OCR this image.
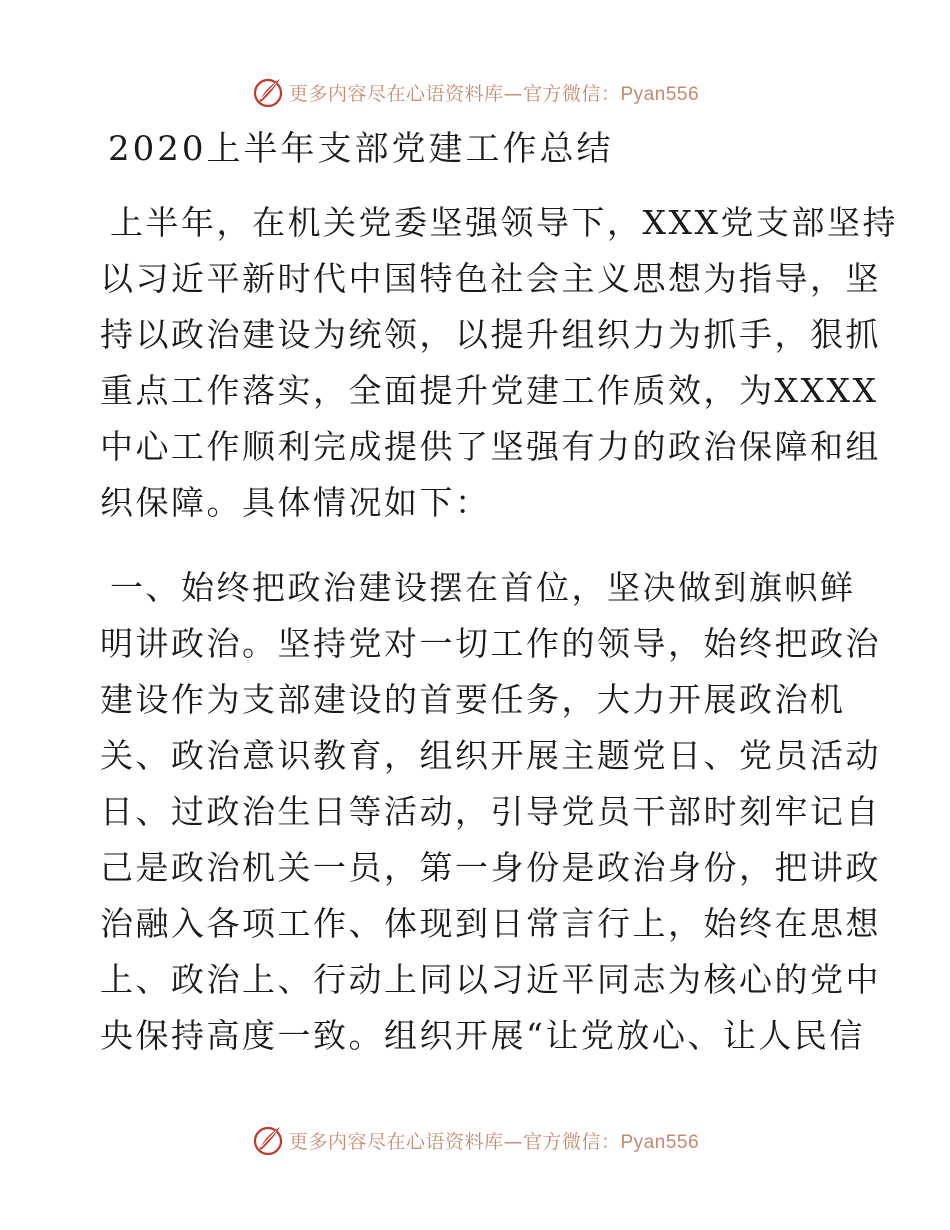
更多内容尽在心语资料库—官方微信：Pyan556
2020上半年支部党建工作总结
上半年，在机关党委坚强领导下，XXX党支部坚持
以习近平新时代中国特色社会主义思想为指导，坚
持以政治建设为统领，以提升组织力为抓手，狠抓
重点工作落实，全面提升党建工作质效，为XXXX
中心工作顺利完成提供了坚强有力的政治保障和组
织保障。具体情况如下：
一、始终把政治建设摆在首位，坚决做到旗帜鲜
明讲政治。坚持党对一切工作的领导，始终把政治
建设作为支部建设的首要任务，大力开展政治机
关、政治意识教育，组织开展主题党日、党员活动
日、过政治生日等活动，引导党员干部时刻牢记自
己是政治机关一员，第一身份是政治身份，把讲政
治融入各项工作、体现到日常言行上，始终在思想
上、政治上、行动上同以习近平同志为核心的党中
央保持高度一致。组织开展“让党放心、让人民信
更多内容尽在心语资料库—官方微信：Pyan556
